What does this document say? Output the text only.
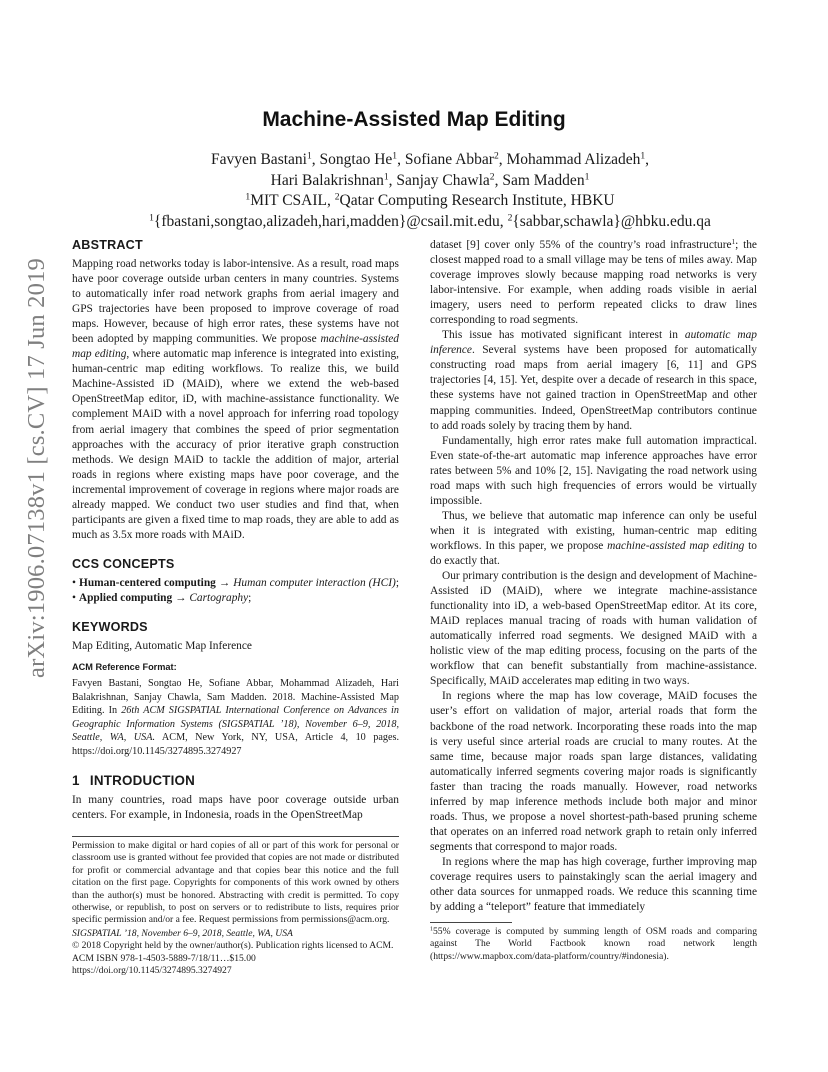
arXiv:1906.07138v1 [cs.CV] 17 Jun 2019
Machine-Assisted Map Editing
Favyen Bastani$^1$, Songtao He$^1$, Sofiane Abbar$^2$, Mohammad Alizadeh$^1$,
Hari Balakrishnan$^1$, Sanjay Chawla$^2$, Sam Madden$^1$
$^1$MIT CSAIL, $^2$Qatar Computing Research Institute, HBKU
$^1${fbastani,songtao,alizadeh,hari,madden}@csail.mit.edu, $^2${sabbar,schawla}@hbku.edu.qa
ABSTRACT

Mapping road networks today is labor-intensive. As a result, road maps have poor coverage outside urban centers in many countries. Systems to automatically infer road network graphs from aerial imagery and GPS trajectories have been proposed to improve coverage of road maps. However, because of high error rates, these systems have not been adopted by mapping communities. We propose machine-assisted map editing, where automatic map inference is integrated into existing, human-centric map editing workflows. To realize this, we build Machine-Assisted iD (MAiD), where we extend the web-based OpenStreetMap editor, iD, with machine-assistance functionality. We complement MAiD with a novel approach for inferring road topology from aerial imagery that combines the speed of prior segmentation approaches with the accuracy of prior iterative graph construction methods. We design MAiD to tackle the addition of major, arterial roads in regions where existing maps have poor coverage, and the incremental improvement of coverage in regions where major roads are already mapped. We conduct two user studies and find that, when participants are given a fixed time to map roads, they are able to add as much as 3.5x more roads with MAiD.

CCS CONCEPTS

• Human-centered computing → Human computer interaction (HCI); • Applied computing → Cartography;

KEYWORDS

Map Editing, Automatic Map Inference

ACM Reference Format:

Favyen Bastani, Songtao He, Sofiane Abbar, Mohammad Alizadeh, Hari Balakrishnan, Sanjay Chawla, Sam Madden. 2018. Machine-Assisted Map Editing. In 26th ACM SIGSPATIAL International Conference on Advances in Geographic Information Systems (SIGSPATIAL ’18), November 6–9, 2018, Seattle, WA, USA. ACM, New York, NY, USA, Article 4, 10 pages. https://doi.org/10.1145/3274895.3274927

1 INTRODUCTION

In many countries, road maps have poor coverage outside urban centers. For example, in Indonesia, roads in the OpenStreetMap

Permission to make digital or hard copies of all or part of this work for personal or classroom use is granted without fee provided that copies are not made or distributed for profit or commercial advantage and that copies bear this notice and the full citation on the first page. Copyrights for components of this work owned by others than the author(s) must be honored. Abstracting with credit is permitted. To copy otherwise, or republish, to post on servers or to redistribute to lists, requires prior specific permission and/or a fee. Request permissions from permissions@acm.org.

SIGSPATIAL ’18, November 6–9, 2018, Seattle, WA, USA

© 2018 Copyright held by the owner/author(s). Publication rights licensed to ACM.

ACM ISBN 978-1-4503-5889-7/18/11…$15.00

https://doi.org/10.1145/3274895.3274927

dataset [9] cover only 55% of the country’s road infrastructure$^1$; the closest mapped road to a small village may be tens of miles away. Map coverage improves slowly because mapping road networks is very labor-intensive. For example, when adding roads visible in aerial imagery, users need to perform repeated clicks to draw lines corresponding to road segments.

This issue has motivated significant interest in automatic map inference. Several systems have been proposed for automatically constructing road maps from aerial imagery [6, 11] and GPS trajectories [4, 15]. Yet, despite over a decade of research in this space, these systems have not gained traction in OpenStreetMap and other mapping communities. Indeed, OpenStreetMap contributors continue to add roads solely by tracing them by hand.

Fundamentally, high error rates make full automation impractical. Even state-of-the-art automatic map inference approaches have error rates between 5% and 10% [2, 15]. Navigating the road network using road maps with such high frequencies of errors would be virtually impossible.

Thus, we believe that automatic map inference can only be useful when it is integrated with existing, human-centric map editing workflows. In this paper, we propose machine-assisted map editing to do exactly that.

Our primary contribution is the design and development of Machine-Assisted iD (MAiD), where we integrate machine-assistance functionality into iD, a web-based OpenStreetMap editor. At its core, MAiD replaces manual tracing of roads with human validation of automatically inferred road segments. We designed MAiD with a holistic view of the map editing process, focusing on the parts of the workflow that can benefit substantially from machine-assistance. Specifically, MAiD accelerates map editing in two ways.

In regions where the map has low coverage, MAiD focuses the user’s effort on validation of major, arterial roads that form the backbone of the road network. Incorporating these roads into the map is very useful since arterial roads are crucial to many routes. At the same time, because major roads span large distances, validating automatically inferred segments covering major roads is significantly faster than tracing the roads manually. However, road networks inferred by map inference methods include both major and minor roads. Thus, we propose a novel shortest-path-based pruning scheme that operates on an inferred road network graph to retain only inferred segments that correspond to major roads.

In regions where the map has high coverage, further improving map coverage requires users to painstakingly scan the aerial imagery and other data sources for unmapped roads. We reduce this scanning time by adding a “teleport” feature that immediately

$^1$55% coverage is computed by summing length of OSM roads and comparing against The World Factbook known road network length (https://www.mapbox.com/data-platform/country/#indonesia).
